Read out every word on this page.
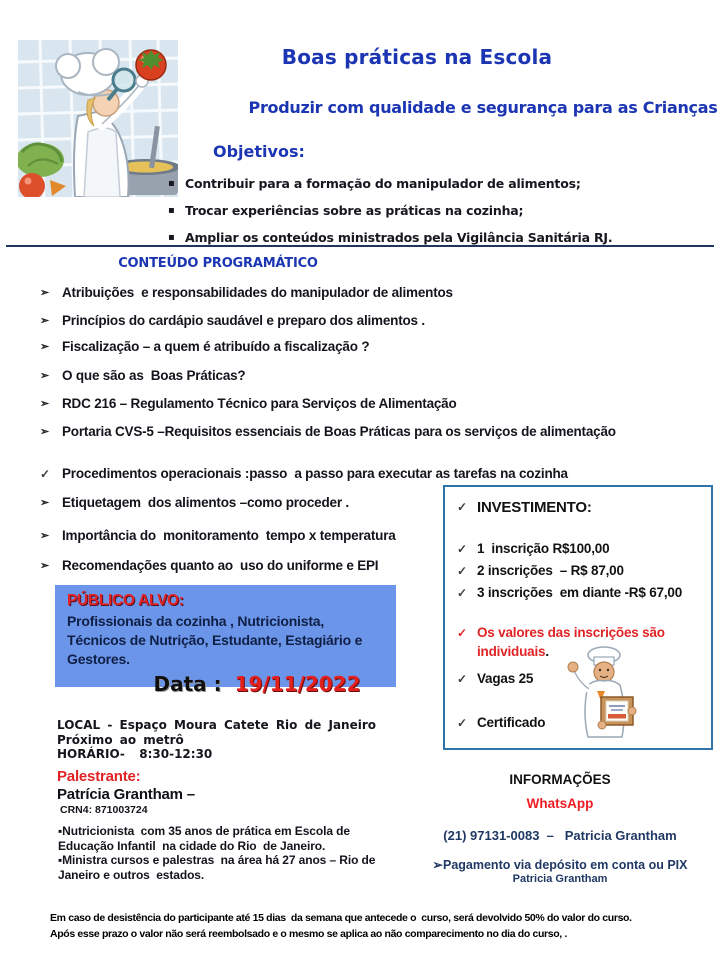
Boas práticas na Escola
Produzir com qualidade e segurança para as Crianças
Objetivos:
▪ Contribuir para a formação do manipulador de alimentos;
▪ Trocar experiências sobre as práticas na cozinha;
▪ Ampliar os conteúdos ministrados pela Vigilância Sanitária RJ.
CONTEÚDO PROGRAMÁTICO
➢ Atribuições  e responsabilidades do manipulador de alimentos
➢ Princípios do cardápio saudável e preparo dos alimentos .
➢ Fiscalização – a quem é atribuído a fiscalização ?
➢ O que são as  Boas Práticas?
➢ RDC 216 – Regulamento Técnico para Serviços de Alimentação
➢ Portaria CVS-5 –Requisitos essenciais de Boas Práticas para os serviços de alimentação
✓ Procedimentos operacionais :passo  a passo para executar as tarefas na cozinha
➢ Etiquetagem  dos alimentos –como proceder .
➢ Importância do  monitoramento  tempo x temperatura
➢ Recomendações quanto ao  uso do uniforme e EPI
✓ INVESTIMENTO:
✓ 1  inscrição R$100,00
✓ 2 inscrições  – R$ 87,00
✓ 3 inscrições  em diante -R$ 67,00
✓ Os valores das inscrições são individuais.
✓ Vagas 25
✓ Certificado
PÚBLICO ALVO:
Profissionais da cozinha , Nutricionista, Técnicos de Nutrição, Estudante, Estagiário e Gestores.
Data : 19/11/2022
LOCAL - Espaço Moura Catete Rio de Janeiro
Próximo ao metrô
HORÁRIO-  8:30-12:30
Palestrante:
Patrícia Grantham –
CRN4: 871003724
▪Nutricionista  com 35 anos de prática em Escola de Educação Infantil  na cidade do Rio  de Janeiro.
▪Ministra cursos e palestras  na área há 27 anos – Rio de Janeiro e outros  estados.
INFORMAÇÕES
WhatsApp
(21) 97131-0083  –   Patricia Grantham
➢Pagamento via depósito em conta ou PIX
Patricia Grantham
Em caso de desistência do participante até 15 dias  da semana que antecede o  curso, será devolvido 50% do valor do curso.
Após esse prazo o valor não será reembolsado e o mesmo se aplica ao não comparecimento no dia do curso, .
